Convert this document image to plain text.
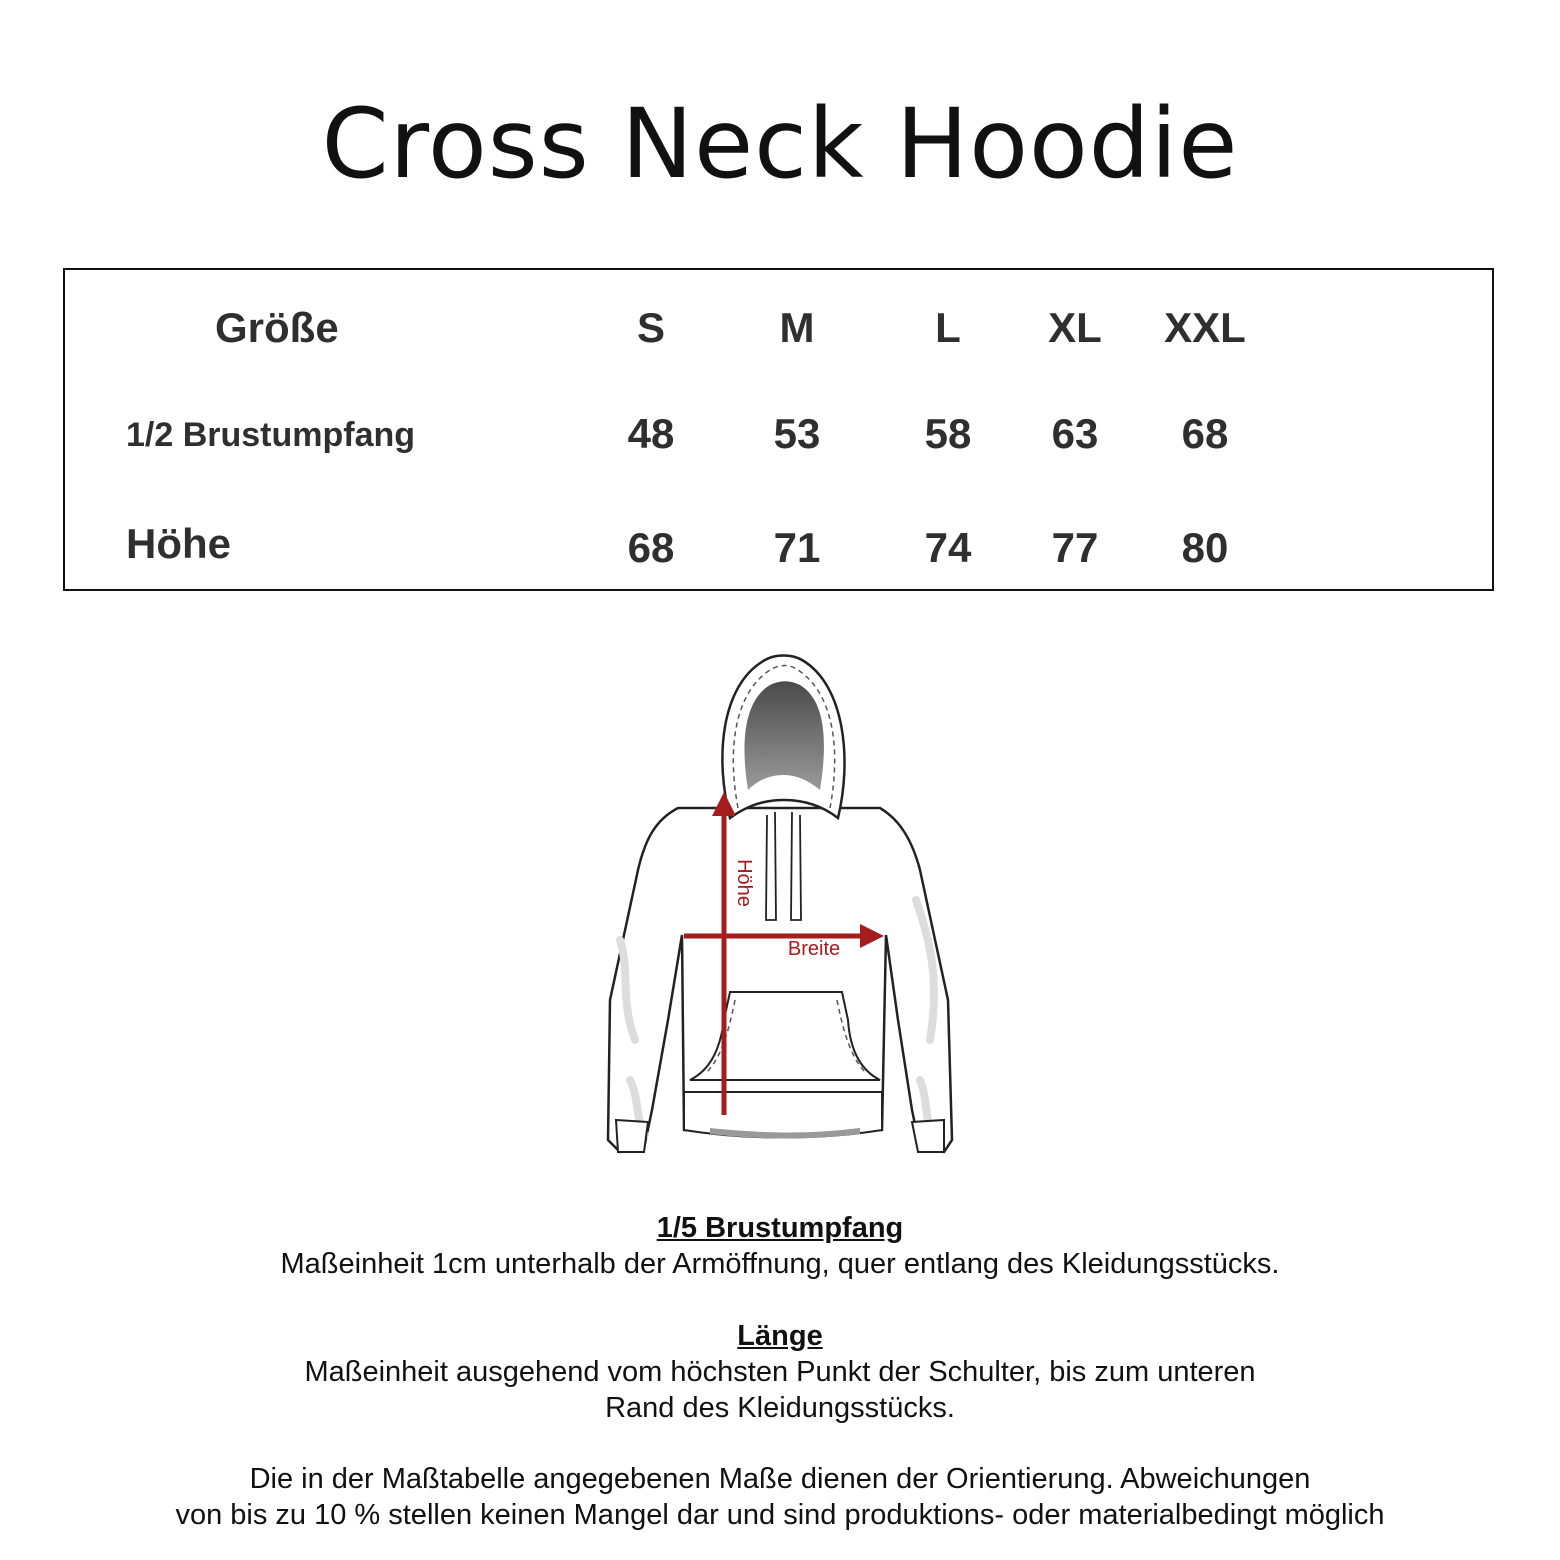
Cross Neck Hoodie
Größe	S	M	L XL XXL
1/2 Brustumpfang	48 53 58 63 68
Höhe	68 71 74 77 80
Höhe
Breite
1/5 Brustumpfang
Maßeinheit 1cm unterhalb der Armöffnung, quer entlang des Kleidungsstücks.
Länge
Maßeinheit ausgehend vom höchsten Punkt der Schulter, bis zum unteren
Rand des Kleidungsstücks.
Die in der Maßtabelle angegebenen Maße dienen der Orientierung. Abweichungen
von bis zu 10 % stellen keinen Mangel dar und sind produktions- oder materialbedingt möglich
